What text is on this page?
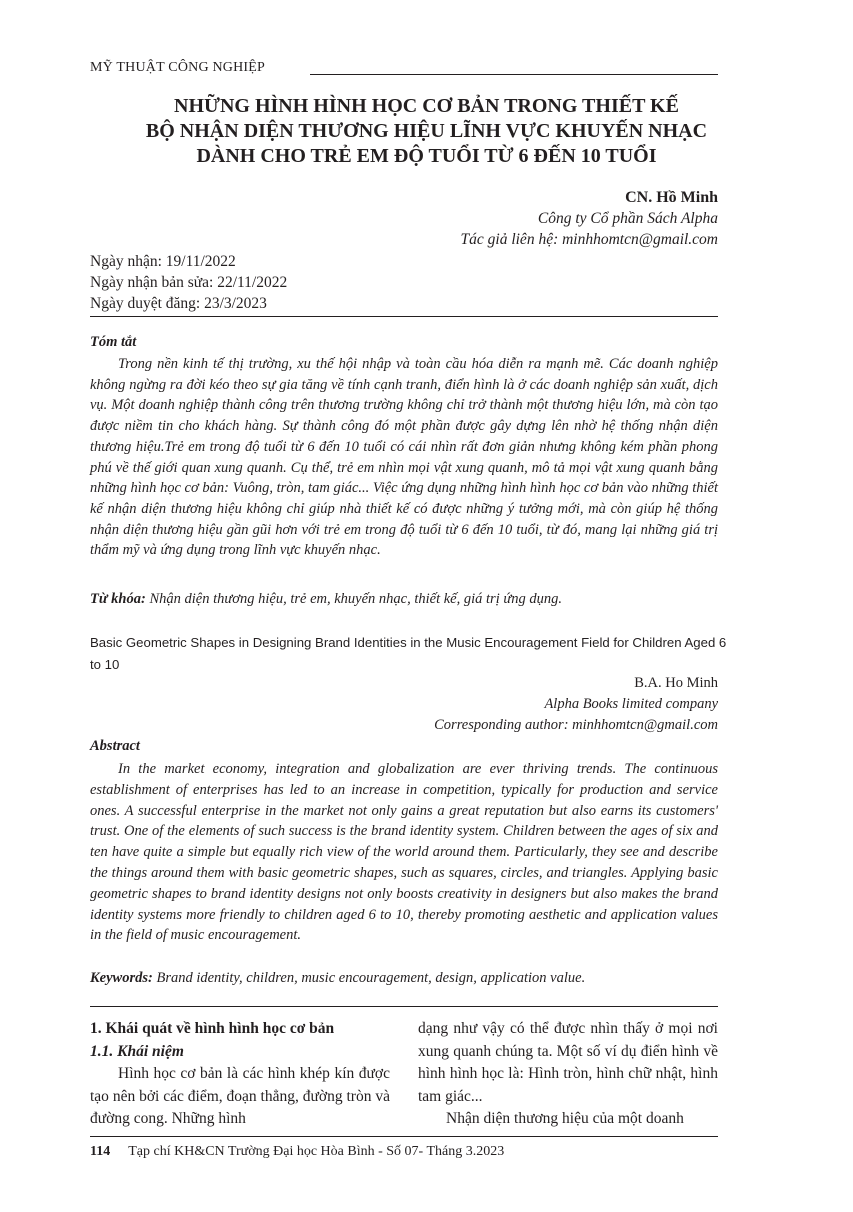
MỸ THUẬT CÔNG NGHIỆP
NHỮNG HÌNH HÌNH HỌC CƠ BẢN TRONG THIẾT KẾ
BỘ NHẬN DIỆN THƯƠNG HIỆU LĨNH VỰC KHUYẾN NHẠC
DÀNH CHO TRẺ EM ĐỘ TUỔI TỪ 6 ĐẾN 10 TUỔI
CN. Hồ Minh
Công ty Cổ phần Sách Alpha
Tác giả liên hệ: minhhomtcn@gmail.com
Ngày nhận: 19/11/2022
Ngày nhận bản sửa: 22/11/2022
Ngày duyệt đăng: 23/3/2023
Tóm tắt
Trong nền kinh tế thị trường, xu thế hội nhập và toàn cầu hóa diễn ra mạnh mẽ. Các doanh nghiệp không ngừng ra đời kéo theo sự gia tăng về tính cạnh tranh, điển hình là ở các doanh nghiệp sản xuất, dịch vụ. Một doanh nghiệp thành công trên thương trường không chỉ trở thành một thương hiệu lớn, mà còn tạo được niềm tin cho khách hàng. Sự thành công đó một phần được gây dựng lên nhờ hệ thống nhận diện thương hiệu.Trẻ em trong độ tuổi từ 6 đến 10 tuổi có cái nhìn rất đơn giản nhưng không kém phần phong phú về thế giới quan xung quanh. Cụ thể, trẻ em nhìn mọi vật xung quanh, mô tả mọi vật xung quanh bằng những hình học cơ bản: Vuông, tròn, tam giác... Việc ứng dụng những hình hình học cơ bản vào những thiết kế nhận diện thương hiệu không chỉ giúp nhà thiết kế có được những ý tưởng mới, mà còn giúp hệ thống nhận diện thương hiệu gần gũi hơn với trẻ em trong độ tuổi từ 6 đến 10 tuổi, từ đó, mang lại những giá trị thẩm mỹ và ứng dụng trong lĩnh vực khuyến nhạc.
Từ khóa: Nhận diện thương hiệu, trẻ em, khuyến nhạc, thiết kế, giá trị ứng dụng.
Basic Geometric Shapes in Designing Brand Identities in the Music Encouragement Field for Children Aged 6 to 10
B.A. Ho Minh
Alpha Books limited company
Corresponding author: minhhomtcn@gmail.com
Abstract
In the market economy, integration and globalization are ever thriving trends. The continuous establishment of enterprises has led to an increase in competition, typically for production and service ones. A successful enterprise in the market not only gains a great reputation but also earns its customers' trust. One of the elements of such success is the brand identity system. Children between the ages of six and ten have quite a simple but equally rich view of the world around them. Particularly, they see and describe the things around them with basic geometric shapes, such as squares, circles, and triangles. Applying basic geometric shapes to brand identity designs not only boosts creativity in designers but also makes the brand identity systems more friendly to children aged 6 to 10, thereby promoting aesthetic and application values in the field of music encouragement.
Keywords: Brand identity, children, music encouragement, design, application value.
1. Khái quát về hình hình học cơ bản
1.1. Khái niệm
Hình học cơ bản là các hình khép kín được tạo nên bởi các điểm, đoạn thẳng, đường tròn và đường cong. Những hình
dạng như vậy có thể được nhìn thấy ở mọi nơi xung quanh chúng ta. Một số ví dụ điển hình về hình hình học là: Hình tròn, hình chữ nhật, hình tam giác...
Nhận diện thương hiệu của một doanh
114 Tạp chí KH&CN Trường Đại học Hòa Bình - Số 07- Tháng 3.2023
